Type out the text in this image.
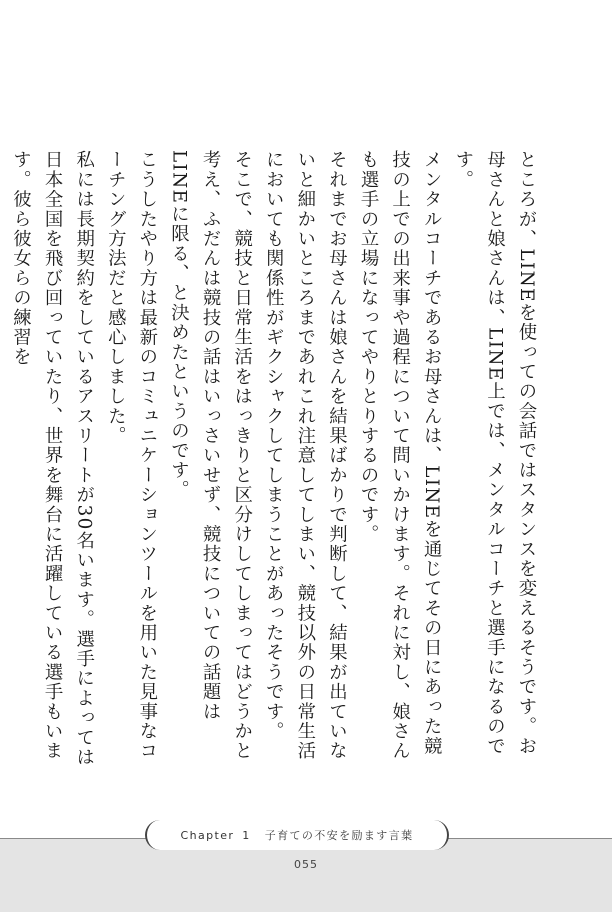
ところが、LINEを使っての会話ではスタンスを変えるそうです。お母さんと娘さんは、LINE上では、メンタルコーチと選手になるのです。

メンタルコーチであるお母さんは、LINEを通じてその日にあった競技の上での出来事や過程について問いかけます。それに対し、娘さんも選手の立場になってやりとりするのです。

それまでお母さんは娘さんを結果ばかりで判断して、結果が出ていないと細かいところまであれこれ注意してしまい、競技以外の日常生活においても関係性がギクシャクしてしまうことがあったそうです。

そこで、競技と日常生活をはっきりと区分けしてしまってはどうかと考え、ふだんは競技の話はいっさいせず、競技についての話題はLINEに限る、と決めたというのです。

こうしたやり方は最新のコミュニケーションツールを用いた見事なコーチング方法だと感心しました。

私には長期契約をしているアスリートが30名います。選手によっては日本全国を飛び回っていたり、世界を舞台に活躍している選手もいます。彼ら彼女らの練習を

Chapter 1 子育ての不安を励ます言葉
055
